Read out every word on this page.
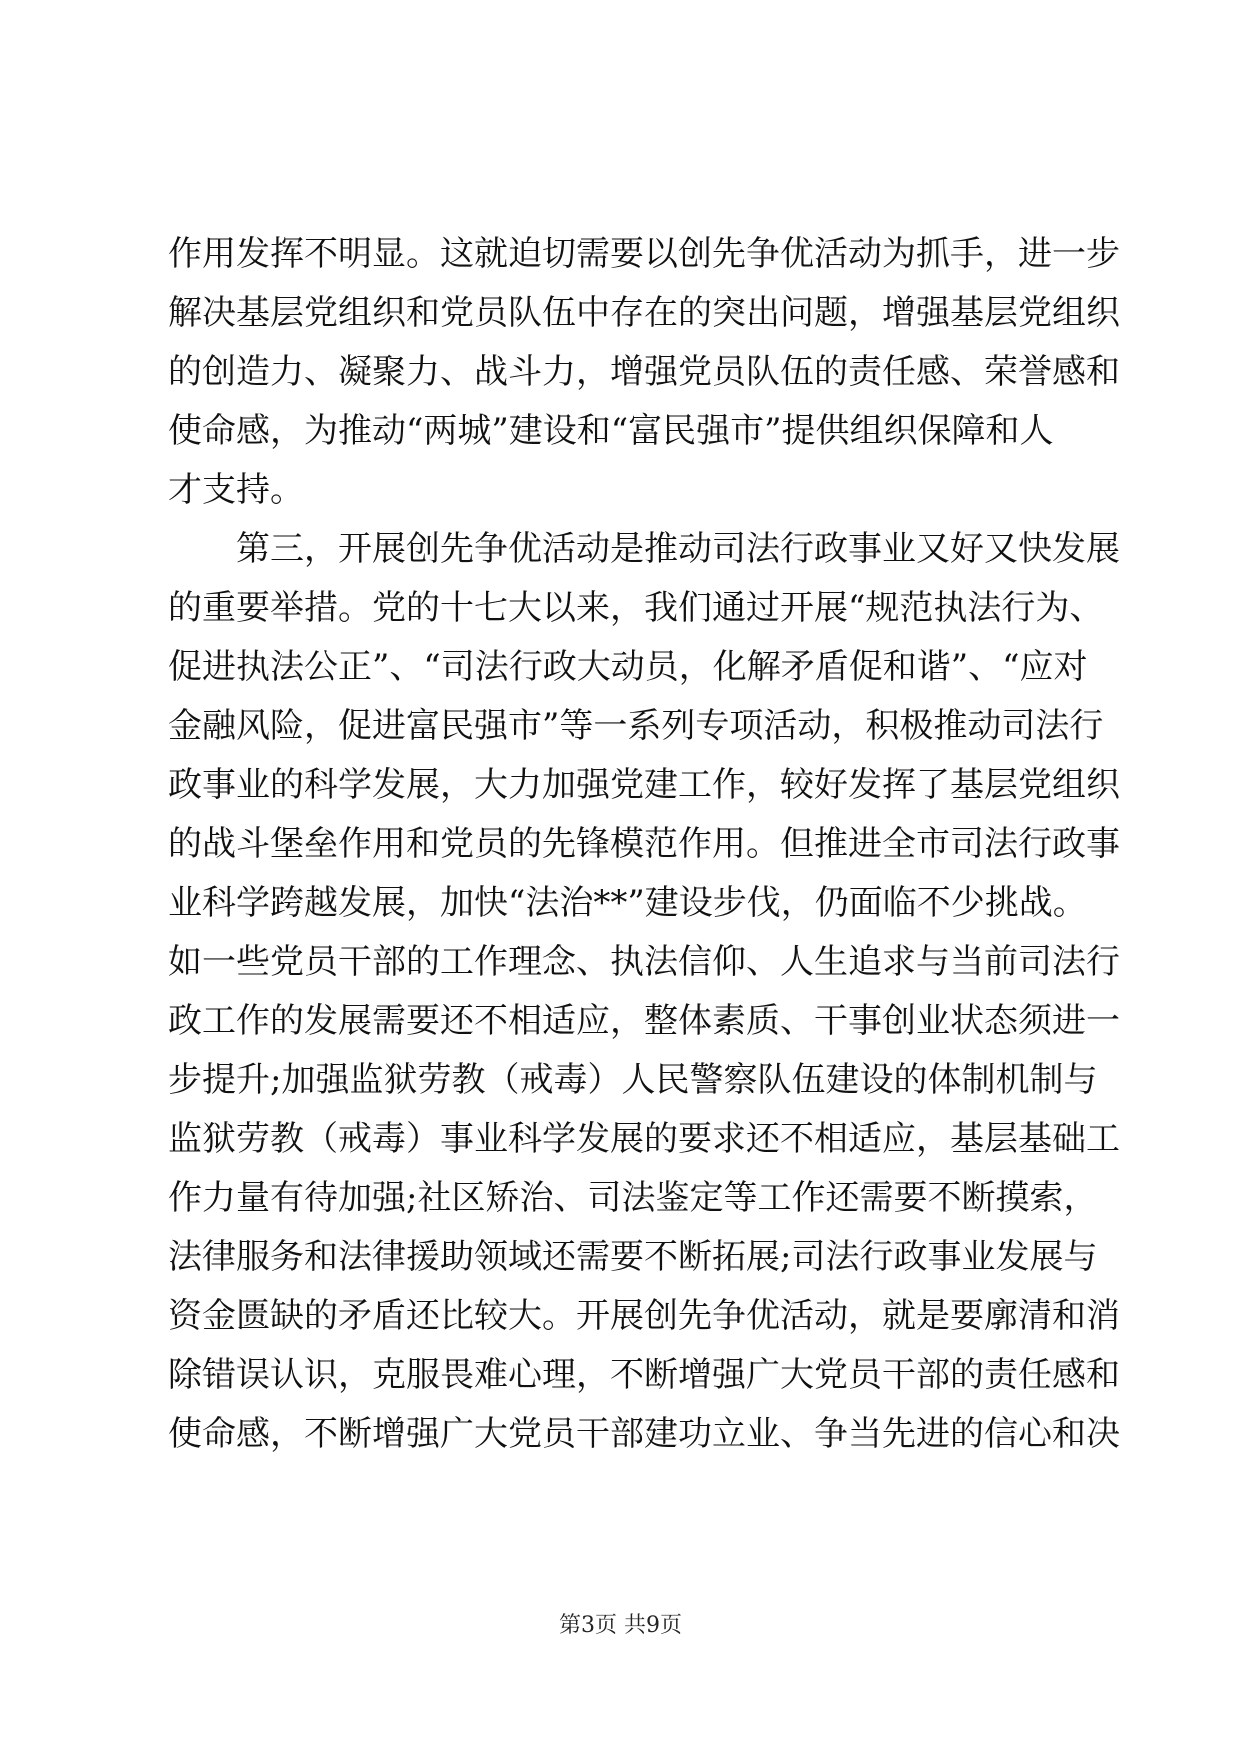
作用发挥不明显。这就迫切需要以创先争优活动为抓手，进一步
解决基层党组织和党员队伍中存在的突出问题，增强基层党组织
的创造力、凝聚力、战斗力，增强党员队伍的责任感、荣誉感和
使命感，为推动“两城”建设和“富民强市”提供组织保障和人
才支持。
第三，开展创先争优活动是推动司法行政事业又好又快发展
的重要举措。党的十七大以来，我们通过开展“规范执法行为、
促进执法公正”、“司法行政大动员，化解矛盾促和谐”、“应对
金融风险，促进富民强市”等一系列专项活动，积极推动司法行
政事业的科学发展，大力加强党建工作，较好发挥了基层党组织
的战斗堡垒作用和党员的先锋模范作用。但推进全市司法行政事
业科学跨越发展，加快“法治**”建设步伐，仍面临不少挑战。
如一些党员干部的工作理念、执法信仰、人生追求与当前司法行
政工作的发展需要还不相适应，整体素质、干事创业状态须进一
步提升;加强监狱劳教（戒毒）人民警察队伍建设的体制机制与
监狱劳教（戒毒）事业科学发展的要求还不相适应，基层基础工
作力量有待加强;社区矫治、司法鉴定等工作还需要不断摸索，
法律服务和法律援助领域还需要不断拓展;司法行政事业发展与
资金匮缺的矛盾还比较大。开展创先争优活动，就是要廓清和消
除错误认识，克服畏难心理，不断增强广大党员干部的责任感和
使命感，不断增强广大党员干部建功立业、争当先进的信心和决
第3页 共9页
